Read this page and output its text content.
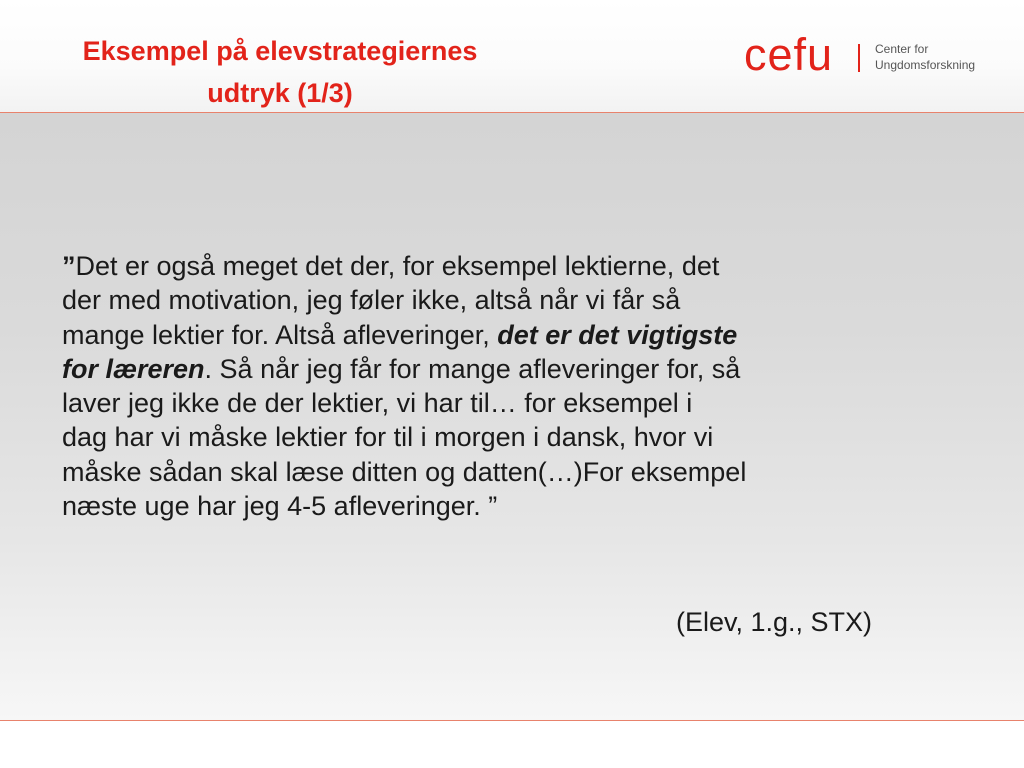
Eksempel på elevstrategiernes
udtryk (1/3)
cefu	Center for
Ungdomsforskning

”Det er også meget det der, for eksempel lektierne, det
der med motivation, jeg føler ikke, altså når vi får så
mange lektier for. Altså afleveringer, det er det vigtigste
for læreren. Så når jeg får for mange afleveringer for, så
laver jeg ikke de der lektier, vi har til… for eksempel i
dag har vi måske lektier for til i morgen i dansk, hvor vi
måske sådan skal læse ditten og datten(…)For eksempel
næste uge har jeg 4-5 afleveringer. ”

(Elev, 1.g., STX)
